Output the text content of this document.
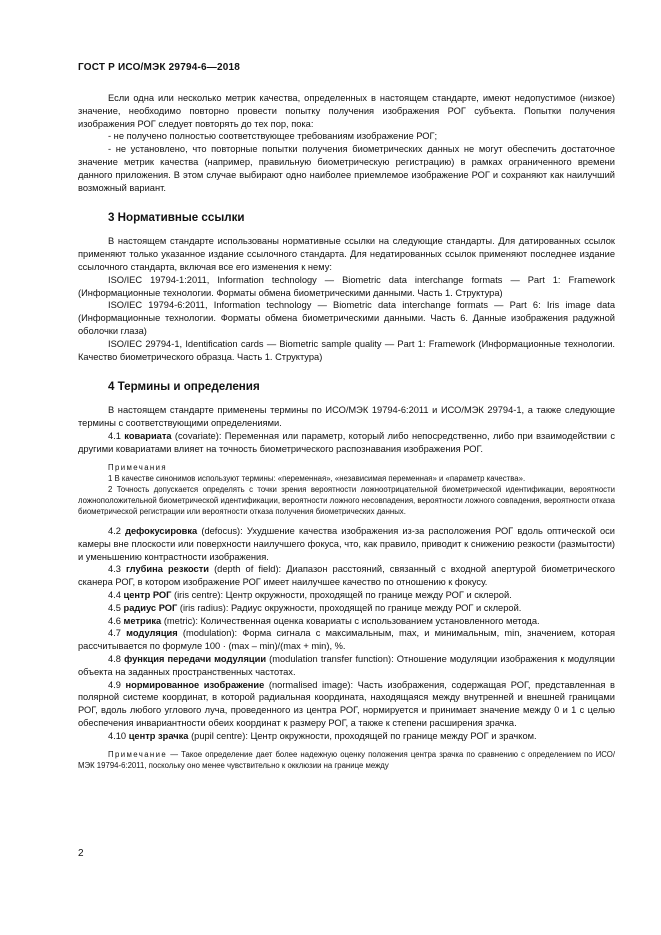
ГОСТ Р ИСО/МЭК 29794-6—2018

Если одна или несколько метрик качества, определенных в настоящем стандарте, имеют недопустимое (низкое) значение, необходимо повторно провести попытку получения изображения РОГ субъекта. Попытки получения изображения РОГ следует повторять до тех пор, пока:

- не получено полностью соответствующее требованиям изображение РОГ;

- не установлено, что повторные попытки получения биометрических данных не могут обеспечить достаточное значение метрик качества (например, правильную биометрическую регистрацию) в рамках ограниченного времени данного приложения. В этом случае выбирают одно наиболее приемлемое изображение РОГ и сохраняют как наилучший возможный вариант.

3 Нормативные ссылки

В настоящем стандарте использованы нормативные ссылки на следующие стандарты. Для датированных ссылок применяют только указанное издание ссылочного стандарта. Для недатированных ссылок применяют последнее издание ссылочного стандарта, включая все его изменения к нему:

ISO/IEC 19794-1:2011, Information technology — Biometric data interchange formats — Part 1: Framework (Информационные технологии. Форматы обмена биометрическими данными. Часть 1. Структура)

ISO/IEC 19794-6:2011, Information technology — Biometric data interchange formats — Part 6: Iris image data (Информационные технологии. Форматы обмена биометрическими данными. Часть 6. Данные изображения радужной оболочки глаза)

ISO/IEC 29794-1, Identification cards — Biometric sample quality — Part 1: Framework (Информационные технологии. Качество биометрического образца. Часть 1. Структура)

4 Термины и определения

В настоящем стандарте применены термины по ИСО/МЭК 19794-6:2011 и ИСО/МЭК 29794-1, а также следующие термины с соответствующими определениями.

4.1 ковариата (covariate): Переменная или параметр, который либо непосредственно, либо при взаимодействии с другими ковариатами влияет на точность биометрического распознавания изображения РОГ.

Примечания

1 В качестве синонимов используют термины: «переменная», «независимая переменная» и «параметр качества».

2 Точность допускается определять с точки зрения вероятности ложноотрицательной биометрической идентификации, вероятности ложноположительной биометрической идентификации, вероятности ложного несовпадения, вероятности ложного совпадения, вероятности отказа биометрической регистрации или вероятности отказа получения биометрических данных.

4.2 дефокусировка (defocus): Ухудшение качества изображения из-за расположения РОГ вдоль оптической оси камеры вне плоскости или поверхности наилучшего фокуса, что, как правило, приводит к снижению резкости (размытости) и уменьшению контрастности изображения.

4.3 глубина резкости (depth of field): Диапазон расстояний, связанный с входной апертурой биометрического сканера РОГ, в котором изображение РОГ имеет наилучшее качество по отношению к фокусу.

4.4 центр РОГ (iris centre): Центр окружности, проходящей по границе между РОГ и склерой.

4.5 радиус РОГ (iris radius): Радиус окружности, проходящей по границе между РОГ и склерой.

4.6 метрика (metric): Количественная оценка ковариаты с использованием установленного метода.

4.7 модуляция (modulation): Форма сигнала с максимальным, max, и минимальным, min, значением, которая рассчитывается по формуле 100 · (max – min)/(max + min), %.

4.8 функция передачи модуляции (modulation transfer function): Отношение модуляции изображения к модуляции объекта на заданных пространственных частотах.

4.9 нормированное изображение (normalised image): Часть изображения, содержащая РОГ, представленная в полярной системе координат, в которой радиальная координата, находящаяся между внутренней и внешней границами РОГ, вдоль любого углового луча, проведенного из центра РОГ, нормируется и принимает значение между 0 и 1 с целью обеспечения инвариантности обеих координат к размеру РОГ, а также к степени расширения зрачка.

4.10 центр зрачка (pupil centre): Центр окружности, проходящей по границе между РОГ и зрачком.

Примечание — Такое определение дает более надежную оценку положения центра зрачка по сравнению с определением по ИСО/МЭК 19794-6:2011, поскольку оно менее чувствительно к окклюзии на границе между

2
